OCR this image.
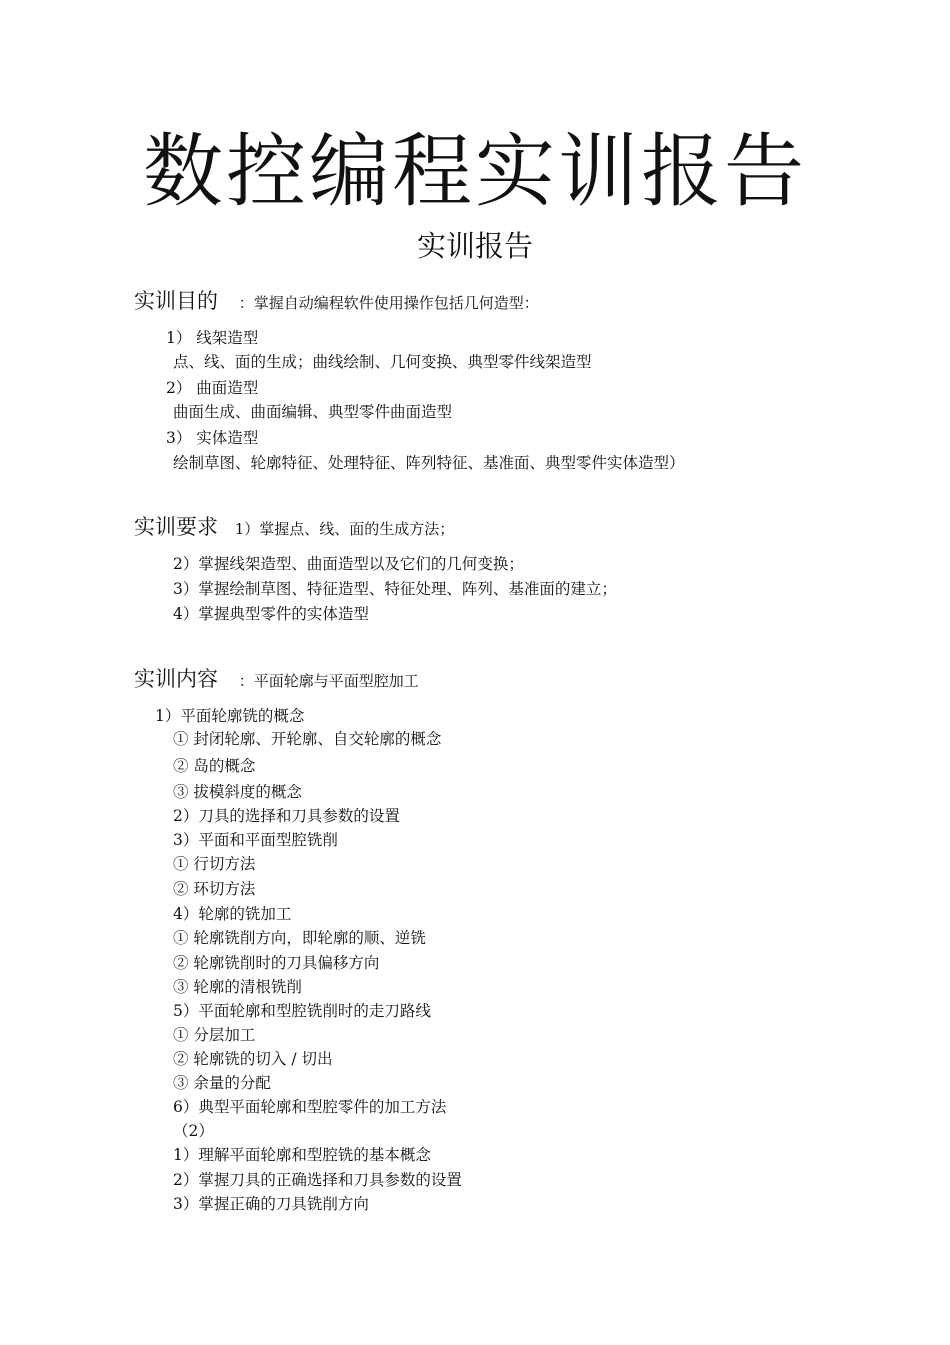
数控编程实训报告
实训报告
实训目的 ：掌握自动编程软件使用操作包括几何造型：

1） 线架造型

点、线、面的生成；曲线绘制、几何变换、典型零件线架造型

2） 曲面造型

曲面生成、曲面编辑、典型零件曲面造型

3） 实体造型

绘制草图、轮廓特征、处理特征、阵列特征、基准面、典型零件实体造型）

实训要求 1）掌握点、线、面的生成方法；

2）掌握线架造型、曲面造型以及它们的几何变换；

3）掌握绘制草图、特征造型、特征处理、阵列、基准面的建立；

4）掌握典型零件的实体造型

实训内容 ：平面轮廓与平面型腔加工

1）平面轮廓铣的概念

① 封闭轮廓、开轮廓、自交轮廓的概念

② 岛的概念

③ 拔模斜度的概念

2）刀具的选择和刀具参数的设置

3）平面和平面型腔铣削

① 行切方法

② 环切方法

4）轮廓的铣加工

① 轮廓铣削方向，即轮廓的顺、逆铣

② 轮廓铣削时的刀具偏移方向

③ 轮廓的清根铣削

5）平面轮廓和型腔铣削时的走刀路线

① 分层加工

② 轮廓铣的切入 / 切出

③ 余量的分配

6）典型平面轮廓和型腔零件的加工方法

（2）

1）理解平面轮廓和型腔铣的基本概念

2）掌握刀具的正确选择和刀具参数的设置

3）掌握正确的刀具铣削方向
